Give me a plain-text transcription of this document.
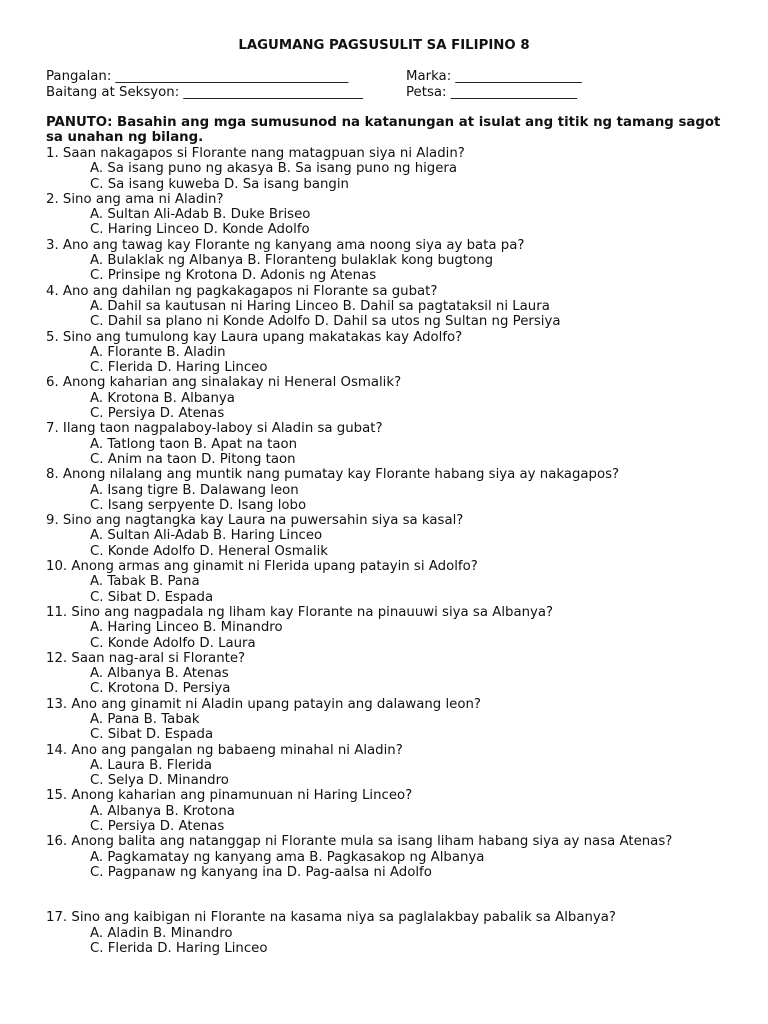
LAGUMANG PAGSUSULIT SA FILIPINO 8
Pangalan: ___________________________________	Marka: ___________________
Baitang at Seksyon: ___________________________	Petsa: ___________________
PANUTO: Basahin ang mga sumusunod na katanungan at isulat ang titik ng tamang sagot sa unahan ng bilang.

1. Saan nakagapos si Florante nang matagpuan siya ni Aladin?

A. Sa isang puno ng akasya B. Sa isang puno ng higera

C. Sa isang kuweba D. Sa isang bangin

2. Sino ang ama ni Aladin?

A. Sultan Ali-Adab B. Duke Briseo

C. Haring Linceo D. Konde Adolfo

3. Ano ang tawag kay Florante ng kanyang ama noong siya ay bata pa?

A. Bulaklak ng Albanya B. Floranteng bulaklak kong bugtong

C. Prinsipe ng Krotona D. Adonis ng Atenas

4. Ano ang dahilan ng pagkakagapos ni Florante sa gubat?

A. Dahil sa kautusan ni Haring Linceo B. Dahil sa pagtataksil ni Laura

C. Dahil sa plano ni Konde Adolfo D. Dahil sa utos ng Sultan ng Persiya

5. Sino ang tumulong kay Laura upang makatakas kay Adolfo?

A. Florante B. Aladin

C. Flerida D. Haring Linceo

6. Anong kaharian ang sinalakay ni Heneral Osmalik?

A. Krotona B. Albanya

C. Persiya D. Atenas

7. Ilang taon nagpalaboy-laboy si Aladin sa gubat?

A. Tatlong taon B. Apat na taon

C. Anim na taon D. Pitong taon

8. Anong nilalang ang muntik nang pumatay kay Florante habang siya ay nakagapos?

A. Isang tigre B. Dalawang leon

C. Isang serpyente D. Isang lobo

9. Sino ang nagtangka kay Laura na puwersahin siya sa kasal?

A. Sultan Ali-Adab B. Haring Linceo

C. Konde Adolfo D. Heneral Osmalik

10. Anong armas ang ginamit ni Flerida upang patayin si Adolfo?

A. Tabak B. Pana

C. Sibat D. Espada

11. Sino ang nagpadala ng liham kay Florante na pinauuwi siya sa Albanya?

A. Haring Linceo B. Minandro

C. Konde Adolfo D. Laura

12. Saan nag-aral si Florante?

A. Albanya B. Atenas

C. Krotona D. Persiya

13. Ano ang ginamit ni Aladin upang patayin ang dalawang leon?

A. Pana B. Tabak

C. Sibat D. Espada

14. Ano ang pangalan ng babaeng minahal ni Aladin?

A. Laura B. Flerida

C. Selya D. Minandro

15. Anong kaharian ang pinamunuan ni Haring Linceo?

A. Albanya B. Krotona

C. Persiya D. Atenas

16. Anong balita ang natanggap ni Florante mula sa isang liham habang siya ay nasa Atenas?

A. Pagkamatay ng kanyang ama B. Pagkasakop ng Albanya

C. Pagpanaw ng kanyang ina D. Pag-aalsa ni Adolfo

17. Sino ang kaibigan ni Florante na kasama niya sa paglalakbay pabalik sa Albanya?

A. Aladin B. Minandro

C. Flerida D. Haring Linceo
